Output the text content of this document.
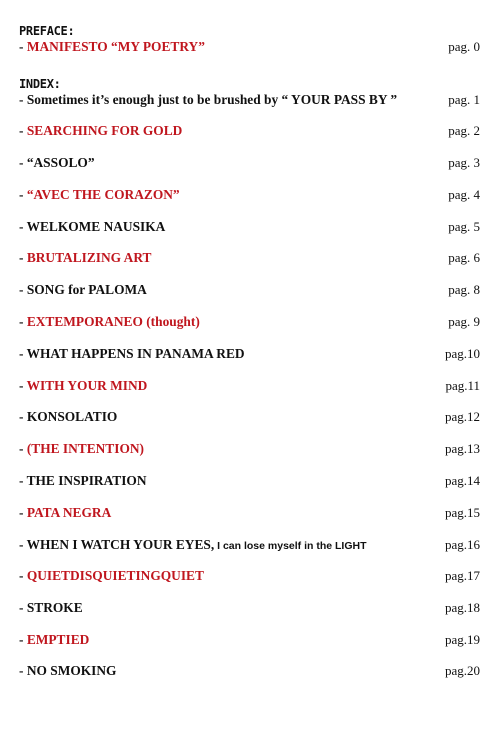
PREFACE:
- MANIFESTO “MY POETRY”	pag. 0
INDEX:
- Sometimes it’s enough just to be brushed by “ YOUR PASS BY ”	pag. 1
- SEARCHING FOR GOLD	pag. 2
- “ASSOLO”	pag. 3
- “AVEC THE CORAZON”	pag. 4
- WELKOME NAUSIKA	pag. 5
- BRUTALIZING ART	pag. 6
- SONG for PALOMA	pag. 8
- EXTEMPORANEO (thought)	pag. 9
- WHAT HAPPENS IN PANAMA RED	pag.10
- WITH YOUR MIND	pag.11
- KONSOLATIO	pag.12
- (THE INTENTION)	pag.13
- THE INSPIRATION	pag.14
- PATA NEGRA	pag.15
- WHEN I WATCH YOUR EYES, I can lose myself in the LIGHT	pag.16
- QUIETDISQUIETINGQUIET	pag.17
- STROKE	pag.18
- EMPTIED	pag.19
- NO SMOKING	pag.20
